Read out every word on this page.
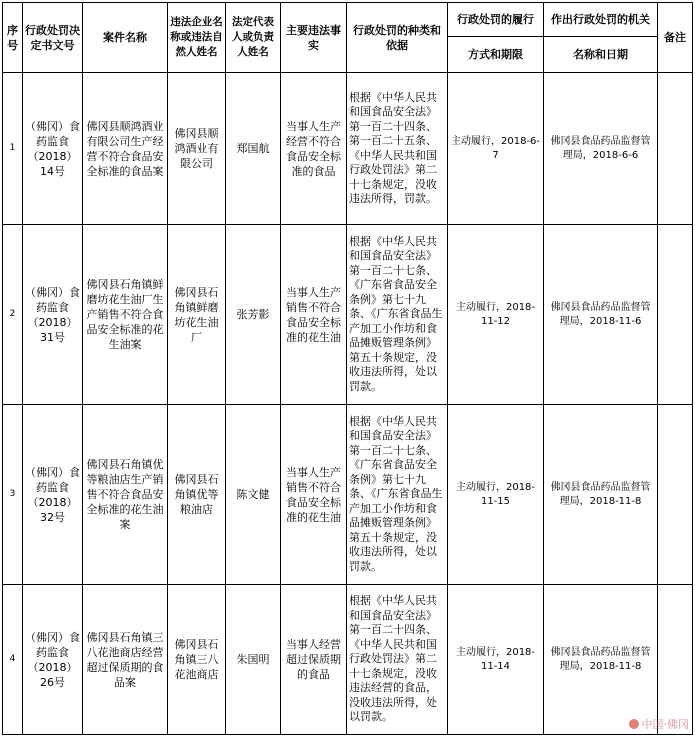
序号	行政处罚决定书文号	案件名称	违法企业名称或违法自然人姓名	法定代表人或负责人姓名	主要违法事实	行政处罚的种类和依据	行政处罚的履行	作出行政处罚的机关	备注
							方式和期限	名称和日期	
1	（佛冈）食药监食（2018）14号	佛冈县顺鸿酒业有限公司生产经营不符合食品安全标准的食品案	佛冈县顺鸿酒业有限公司	郑国航	当事人生产经营不符合食品安全标准的食品	根据《中华人民共和国食品安全法》第一百二十四条、第一百二十五条、《中华人民共和国行政处罚法》第二十七条规定，没收违法所得，罚款。	主动履行，2018-6-7	佛冈县食品药品监督管理局，2018-6-6	
2	（佛冈）食药监食（2018）31号	佛冈县石角镇鲜磨坊花生油厂生产销售不符合食品安全标准的花生油案	佛冈县石角镇鲜磨坊花生油厂	张芳影	当事人生产销售不符合食品安全标准的花生油	根据《中华人民共和国食品安全法》第一百二十七条、《广东省食品安全条例》第七十九条、《广东省食品生产加工小作坊和食品摊贩管理条例》第五十条规定，没收违法所得，处以罚款。	主动履行，2018-11-12	佛冈县食品药品监督管理局，2018-11-6	
3	（佛冈）食药监食（2018）32号	佛冈县石角镇优等粮油店生产销售不符合食品安全标准的花生油案	佛冈县石角镇优等粮油店	陈文健	当事人生产销售不符合食品安全标准的花生油	根据《中华人民共和国食品安全法》第一百二十七条、《广东省食品安全条例》第七十九条、《广东省食品生产加工小作坊和食品摊贩管理条例》第五十条规定，没收违法所得，处以罚款。	主动履行，2018-11-15	佛冈县食品药品监督管理局，2018-11-8	
4	（佛冈）食药监食（2018）26号	佛冈县石角镇三八花池商店经营超过保质期的食品案	佛冈县石角镇三八花池商店	朱国明	当事人经营超过保质期的食品	根据《中华人民共和国食品安全法》第一百二十四条、《中华人民共和国行政处罚法》第二十七条规定，没收违法经营的食品，没收违法所得，处以罚款。	主动履行，2018-11-14	佛冈县食品药品监督管理局，2018-11-8	
中国·佛冈
